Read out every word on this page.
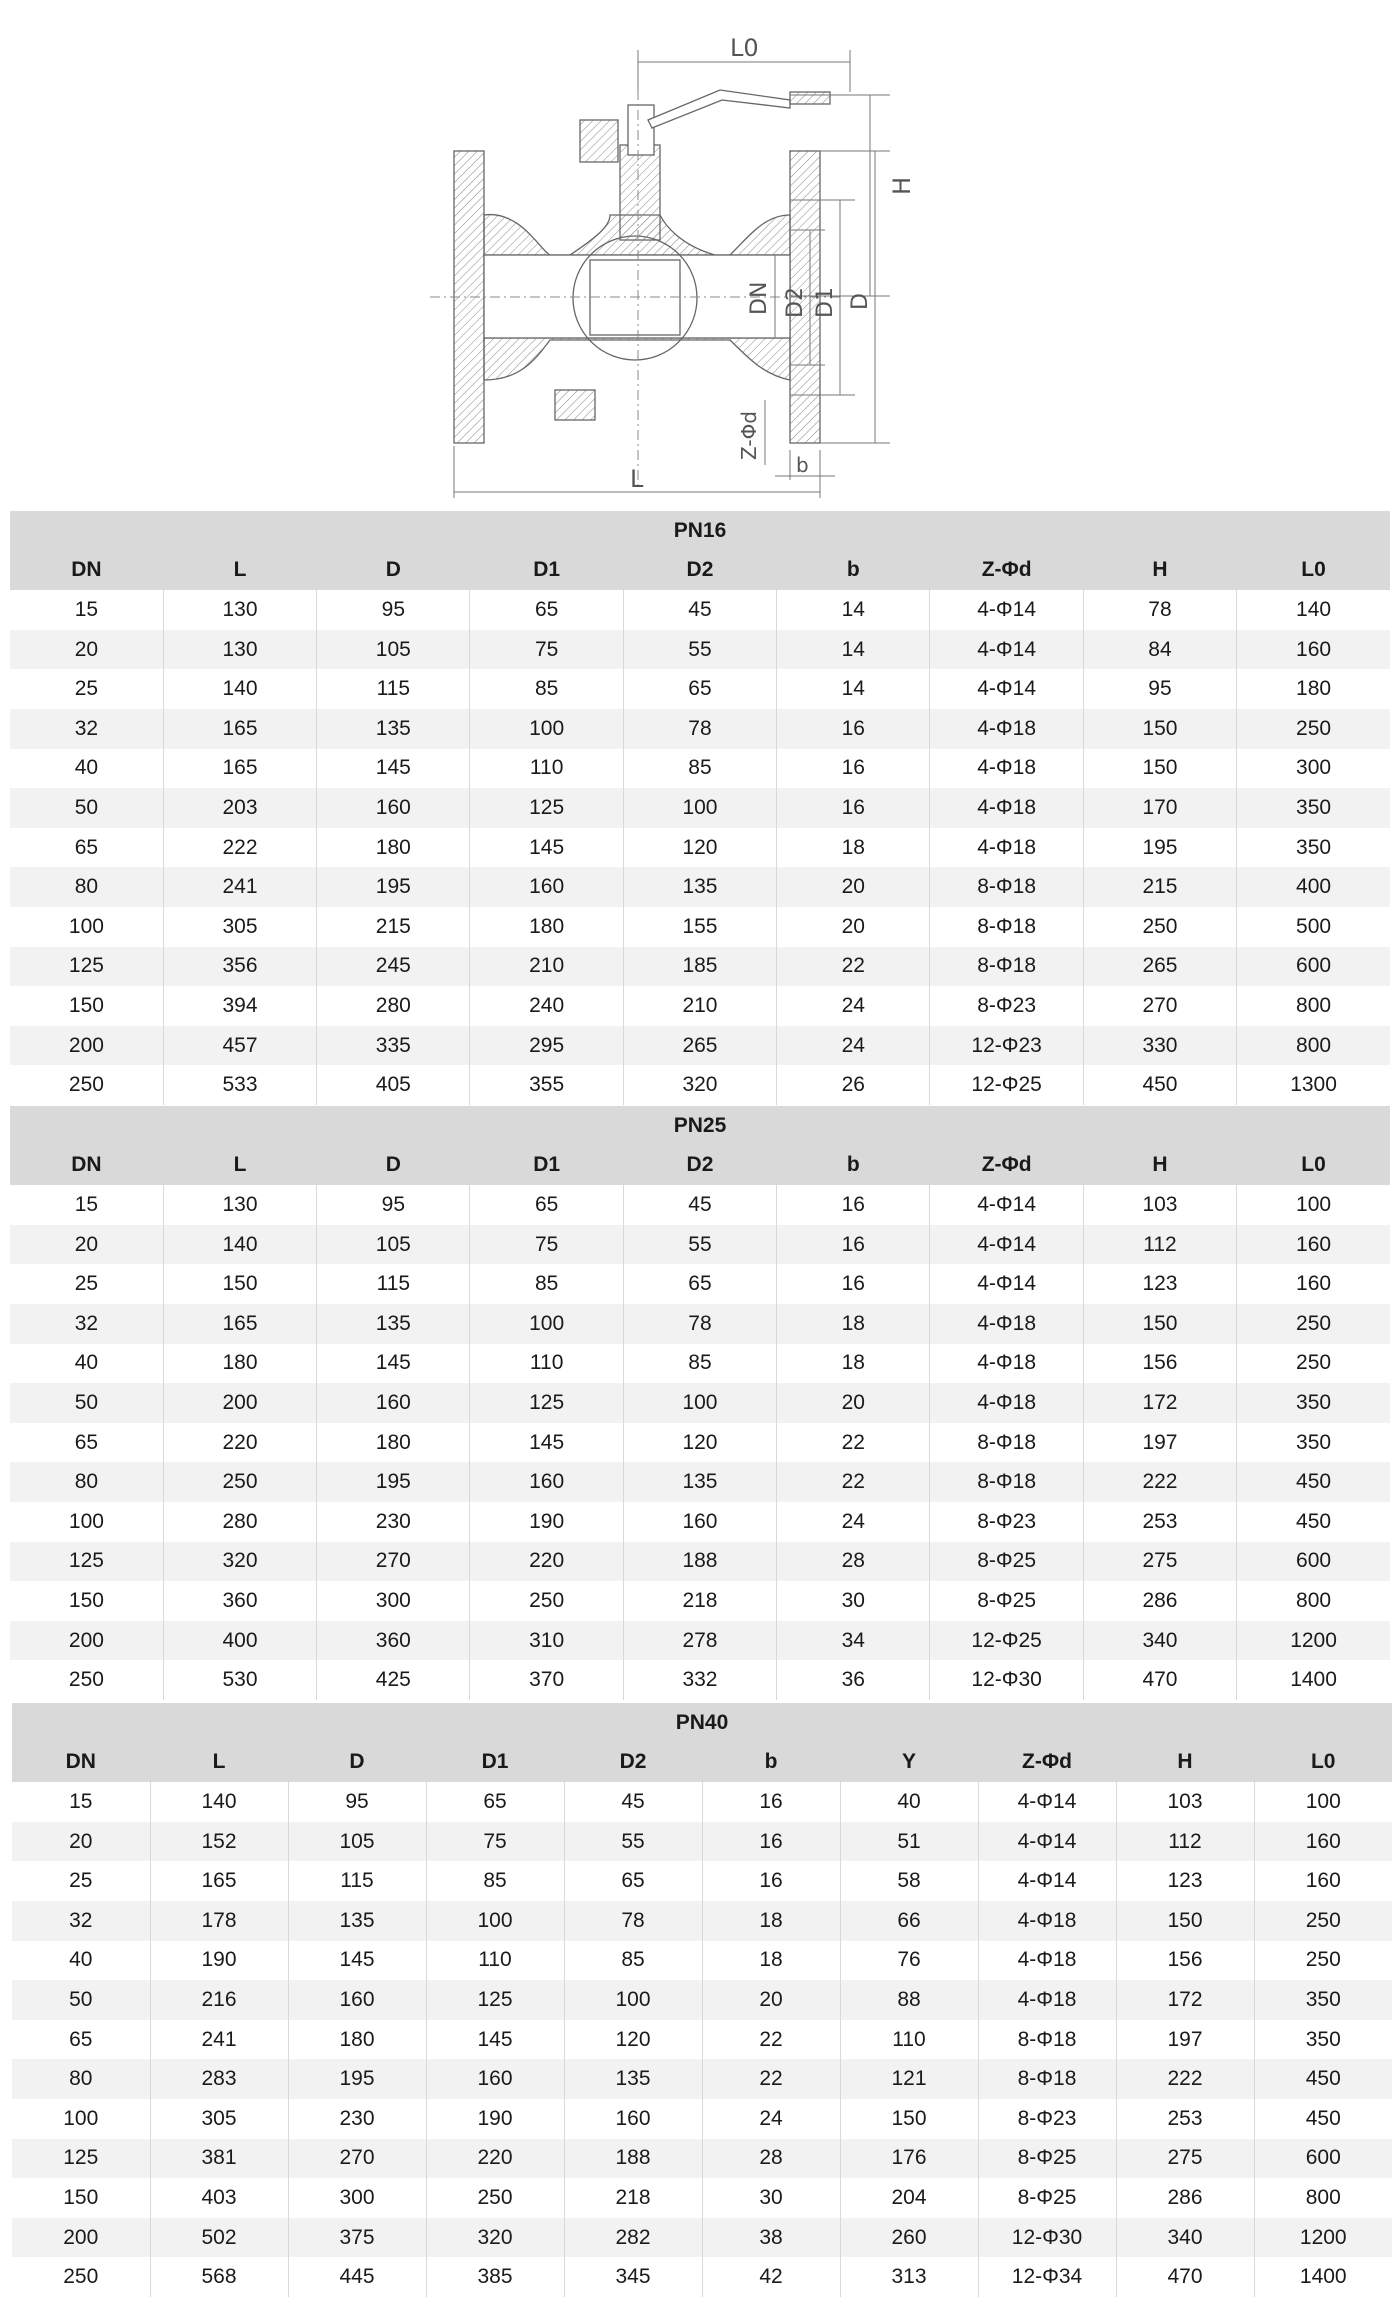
L0
H
DN D2 D1 D
Z-Φd
b
L
PN16								
DN	L	D	D1	D2	b	Z-Φd	H	L0
15	130	95	65	45	14	4-Φ14	78	140
20	130	105	75	55	14	4-Φ14	84	160
25	140	115	85	65	14	4-Φ14	95	180
32	165	135	100	78	16	4-Φ18	150	250
40	165	145	110	85	16	4-Φ18	150	300
50	203	160	125	100	16	4-Φ18	170	350
65	222	180	145	120	18	4-Φ18	195	350
80	241	195	160	135	20	8-Φ18	215	400
100	305	215	180	155	20	8-Φ18	250	500
125	356	245	210	185	22	8-Φ18	265	600
150	394	280	240	210	24	8-Φ23	270	800
200	457	335	295	265	24	12-Φ23	330	800
250	533	405	355	320	26	12-Φ25	450	1300
PN25								
DN	L	D	D1	D2	b	Z-Φd	H	L0
15	130	95	65	45	16	4-Φ14	103	100
20	140	105	75	55	16	4-Φ14	112	160
25	150	115	85	65	16	4-Φ14	123	160
32	165	135	100	78	18	4-Φ18	150	250
40	180	145	110	85	18	4-Φ18	156	250
50	200	160	125	100	20	4-Φ18	172	350
65	220	180	145	120	22	8-Φ18	197	350
80	250	195	160	135	22	8-Φ18	222	450
100	280	230	190	160	24	8-Φ23	253	450
125	320	270	220	188	28	8-Φ25	275	600
150	360	300	250	218	30	8-Φ25	286	800
200	400	360	310	278	34	12-Φ25	340	1200
250	530	425	370	332	36	12-Φ30	470	1400
PN40									
DN	L	D	D1	D2	b	Y	Z-Φd	H	L0
15	140	95	65	45	16	40	4-Φ14	103	100
20	152	105	75	55	16	51	4-Φ14	112	160
25	165	115	85	65	16	58	4-Φ14	123	160
32	178	135	100	78	18	66	4-Φ18	150	250
40	190	145	110	85	18	76	4-Φ18	156	250
50	216	160	125	100	20	88	4-Φ18	172	350
65	241	180	145	120	22	110	8-Φ18	197	350
80	283	195	160	135	22	121	8-Φ18	222	450
100	305	230	190	160	24	150	8-Φ23	253	450
125	381	270	220	188	28	176	8-Φ25	275	600
150	403	300	250	218	30	204	8-Φ25	286	800
200	502	375	320	282	38	260	12-Φ30	340	1200
250	568	445	385	345	42	313	12-Φ34	470	1400
